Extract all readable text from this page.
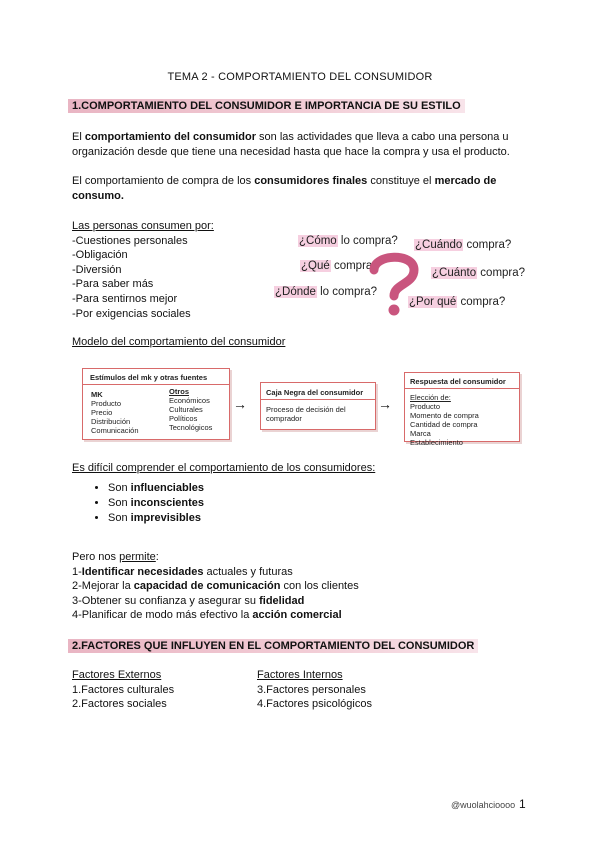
TEMA 2 - COMPORTAMIENTO DEL CONSUMIDOR
1.COMPORTAMIENTO DEL CONSUMIDOR E IMPORTANCIA DE SU ESTILO
El comportamiento del consumidor son las actividades que lleva a cabo una persona u organización desde que tiene una necesidad hasta que hace la compra y usa el producto.
El comportamiento de compra de los consumidores finales constituye el mercado de consumo.
Las personas consumen por:
-Cuestiones personales
-Obligación
-Diversión
-Para saber más
-Para sentirnos mejor
-Por exigencias sociales
¿Cómo lo compra? ¿Cuándo compra?
¿Qué compra?
¿Cuánto compra?
¿Dónde lo compra?
¿Por qué compra?
Modelo del comportamiento del consumidor
Estímulos del mk y otras fuentes
MK
Producto
Precio
Distribución
Comunicación
Otros
Económicos
Culturales
Políticos
Tecnológicos
→
Caja Negra del consumidor
Proceso de decisión del comprador
→
Respuesta del consumidor
Elección de:
Producto
Momento de compra
Cantidad de compra
Marca
Establecimiento
Es difícil comprender el comportamiento de los consumidores:
• Son influenciables
• Son inconscientes
• Son imprevisibles
Pero nos permite:
1-Identificar necesidades actuales y futuras
2-Mejorar la capacidad de comunicación con los clientes
3-Obtener su confianza y asegurar su fidelidad
4-Planificar de modo más efectivo la acción comercial
2.FACTORES QUE INFLUYEN EN EL COMPORTAMIENTO DEL CONSUMIDOR
Factores Externos
1.Factores culturales
2.Factores sociales
Factores Internos
3.Factores personales
4.Factores psicológicos
@wuolahcioooo 1
